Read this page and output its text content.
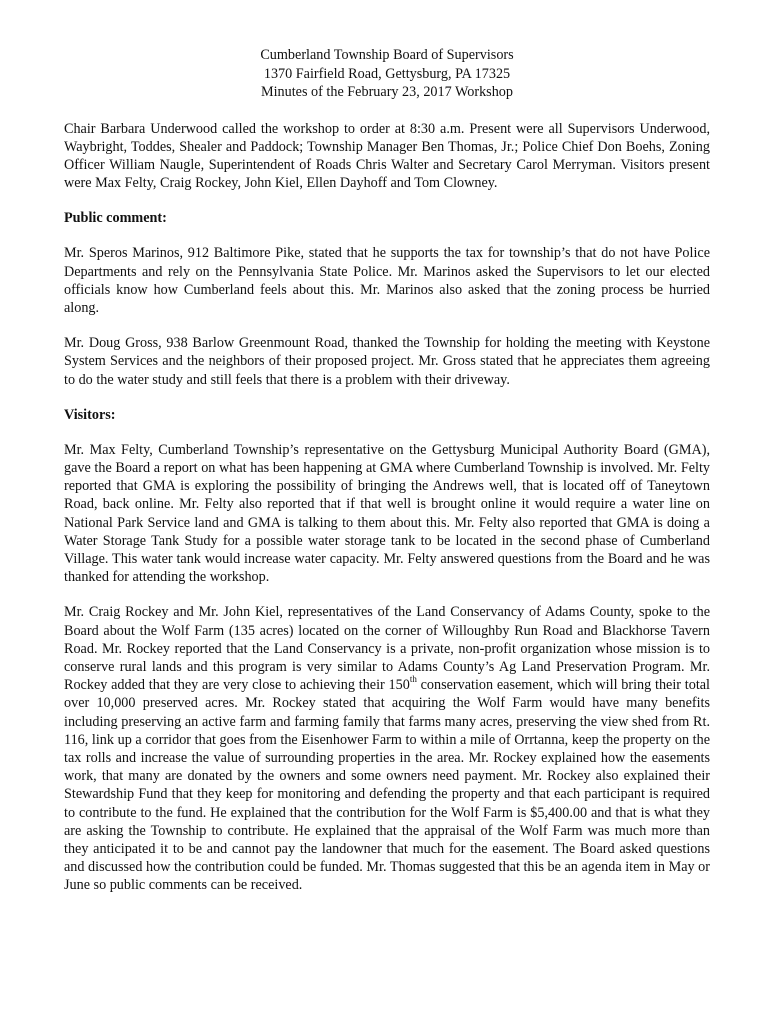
Cumberland Township Board of Supervisors
1370 Fairfield Road, Gettysburg, PA 17325
Minutes of the February 23, 2017 Workshop

Chair Barbara Underwood called the workshop to order at 8:30 a.m. Present were all Supervisors Underwood, Waybright, Toddes, Shealer and Paddock; Township Manager Ben Thomas, Jr.; Police Chief Don Boehs, Zoning Officer William Naugle, Superintendent of Roads Chris Walter and Secretary Carol Merryman. Visitors present were Max Felty, Craig Rockey, John Kiel, Ellen Dayhoff and Tom Clowney.

Public comment:

Mr. Speros Marinos, 912 Baltimore Pike, stated that he supports the tax for township’s that do not have Police Departments and rely on the Pennsylvania State Police. Mr. Marinos asked the Supervisors to let our elected officials know how Cumberland feels about this. Mr. Marinos also asked that the zoning process be hurried along.

Mr. Doug Gross, 938 Barlow Greenmount Road, thanked the Township for holding the meeting with Keystone System Services and the neighbors of their proposed project. Mr. Gross stated that he appreciates them agreeing to do the water study and still feels that there is a problem with their driveway.

Visitors:

Mr. Max Felty, Cumberland Township’s representative on the Gettysburg Municipal Authority Board (GMA), gave the Board a report on what has been happening at GMA where Cumberland Township is involved. Mr. Felty reported that GMA is exploring the possibility of bringing the Andrews well, that is located off of Taneytown Road, back online. Mr. Felty also reported that if that well is brought online it would require a water line on National Park Service land and GMA is talking to them about this. Mr. Felty also reported that GMA is doing a Water Storage Tank Study for a possible water storage tank to be located in the second phase of Cumberland Village. This water tank would increase water capacity. Mr. Felty answered questions from the Board and he was thanked for attending the workshop.

Mr. Craig Rockey and Mr. John Kiel, representatives of the Land Conservancy of Adams County, spoke to the Board about the Wolf Farm (135 acres) located on the corner of Willoughby Run Road and Blackhorse Tavern Road. Mr. Rockey reported that the Land Conservancy is a private, non-profit organization whose mission is to conserve rural lands and this program is very similar to Adams County’s Ag Land Preservation Program. Mr. Rockey added that they are very close to achieving their 150th conservation easement, which will bring their total over 10,000 preserved acres. Mr. Rockey stated that acquiring the Wolf Farm would have many benefits including preserving an active farm and farming family that farms many acres, preserving the view shed from Rt. 116, link up a corridor that goes from the Eisenhower Farm to within a mile of Orrtanna, keep the property on the tax rolls and increase the value of surrounding properties in the area. Mr. Rockey explained how the easements work, that many are donated by the owners and some owners need payment. Mr. Rockey also explained their Stewardship Fund that they keep for monitoring and defending the property and that each participant is required to contribute to the fund. He explained that the contribution for the Wolf Farm is $5,400.00 and that is what they are asking the Township to contribute. He explained that the appraisal of the Wolf Farm was much more than they anticipated it to be and cannot pay the landowner that much for the easement. The Board asked questions and discussed how the contribution could be funded. Mr. Thomas suggested that this be an agenda item in May or June so public comments can be received.
